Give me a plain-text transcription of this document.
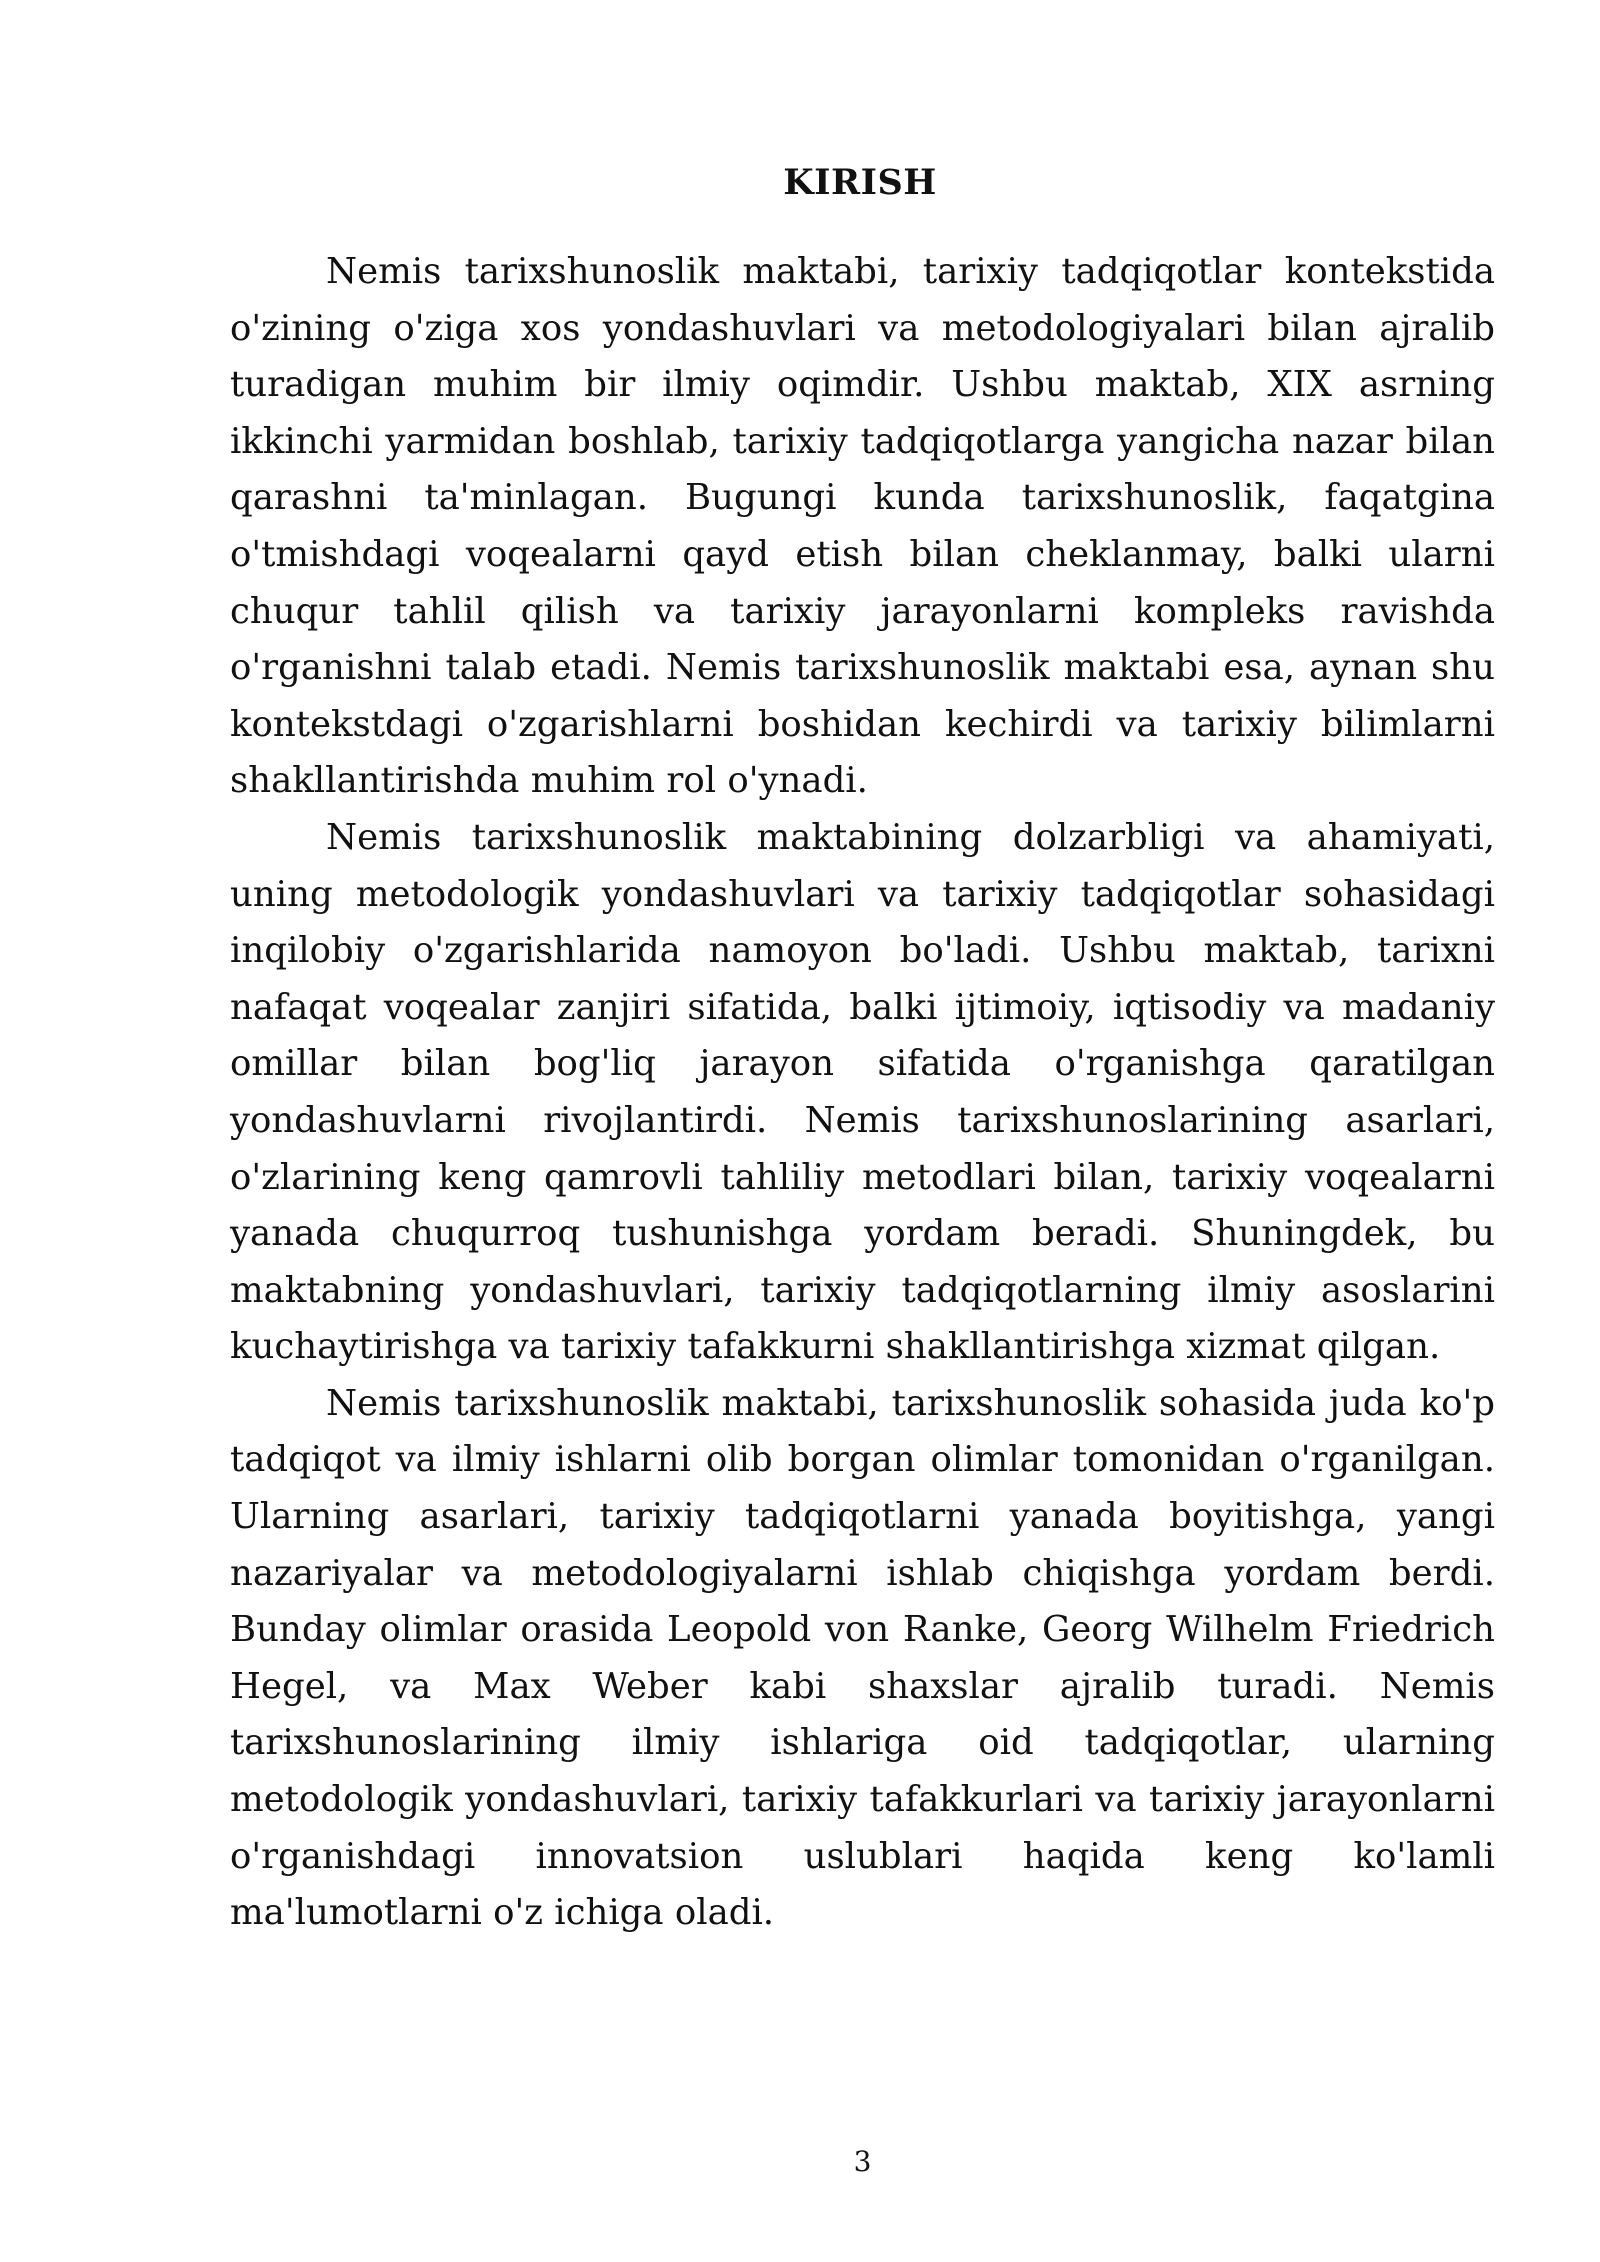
KIRISH

Nemis tarixshunoslik maktabi, tarixiy tadqiqotlar kontekstida o'zining o'ziga xos yondashuvlari va metodologiyalari bilan ajralib turadigan muhim bir ilmiy oqimdir. Ushbu maktab, XIX asrning ikkinchi yarmidan boshlab, tarixiy tadqiqotlarga yangicha nazar bilan qarashni ta'minlagan. Bugungi kunda tarixshunoslik, faqatgina o'tmishdagi voqealarni qayd etish bilan cheklanmay, balki ularni chuqur tahlil qilish va tarixiy jarayonlarni kompleks ravishda o'rganishni talab etadi. Nemis tarixshunoslik maktabi esa, aynan shu kontekstdagi o'zgarishlarni boshidan kechirdi va tarixiy bilimlarni shakllantirishda muhim rol o'ynadi.

Nemis tarixshunoslik maktabining dolzarbligi va ahamiyati, uning metodologik yondashuvlari va tarixiy tadqiqotlar sohasidagi inqilobiy o'zgarishlarida namoyon bo'ladi. Ushbu maktab, tarixni nafaqat voqealar zanjiri sifatida, balki ijtimoiy, iqtisodiy va madaniy omillar bilan bog'liq jarayon sifatida o'rganishga qaratilgan yondashuvlarni rivojlantirdi. Nemis tarixshunoslarining asarlari, o'zlarining keng qamrovli tahliliy metodlari bilan, tarixiy voqealarni yanada chuqurroq tushunishga yordam beradi. Shuningdek, bu maktabning yondashuvlari, tarixiy tadqiqotlarning ilmiy asoslarini kuchaytirishga va tarixiy tafakkurni shakllantirishga xizmat qilgan.

Nemis tarixshunoslik maktabi, tarixshunoslik sohasida juda ko'p tadqiqot va ilmiy ishlarni olib borgan olimlar tomonidan o'rganilgan. Ularning asarlari, tarixiy tadqiqotlarni yanada boyitishga, yangi nazariyalar va metodologiyalarni ishlab chiqishga yordam berdi. Bunday olimlar orasida Leopold von Ranke, Georg Wilhelm Friedrich Hegel, va Max Weber kabi shaxslar ajralib turadi. Nemis tarixshunoslarining ilmiy ishlariga oid tadqiqotlar, ularning metodologik yondashuvlari, tarixiy tafakkurlari va tarixiy jarayonlarni o'rganishdagi innovatsion uslublari haqida keng ko'lamli ma'lumotlarni o'z ichiga oladi.

3
